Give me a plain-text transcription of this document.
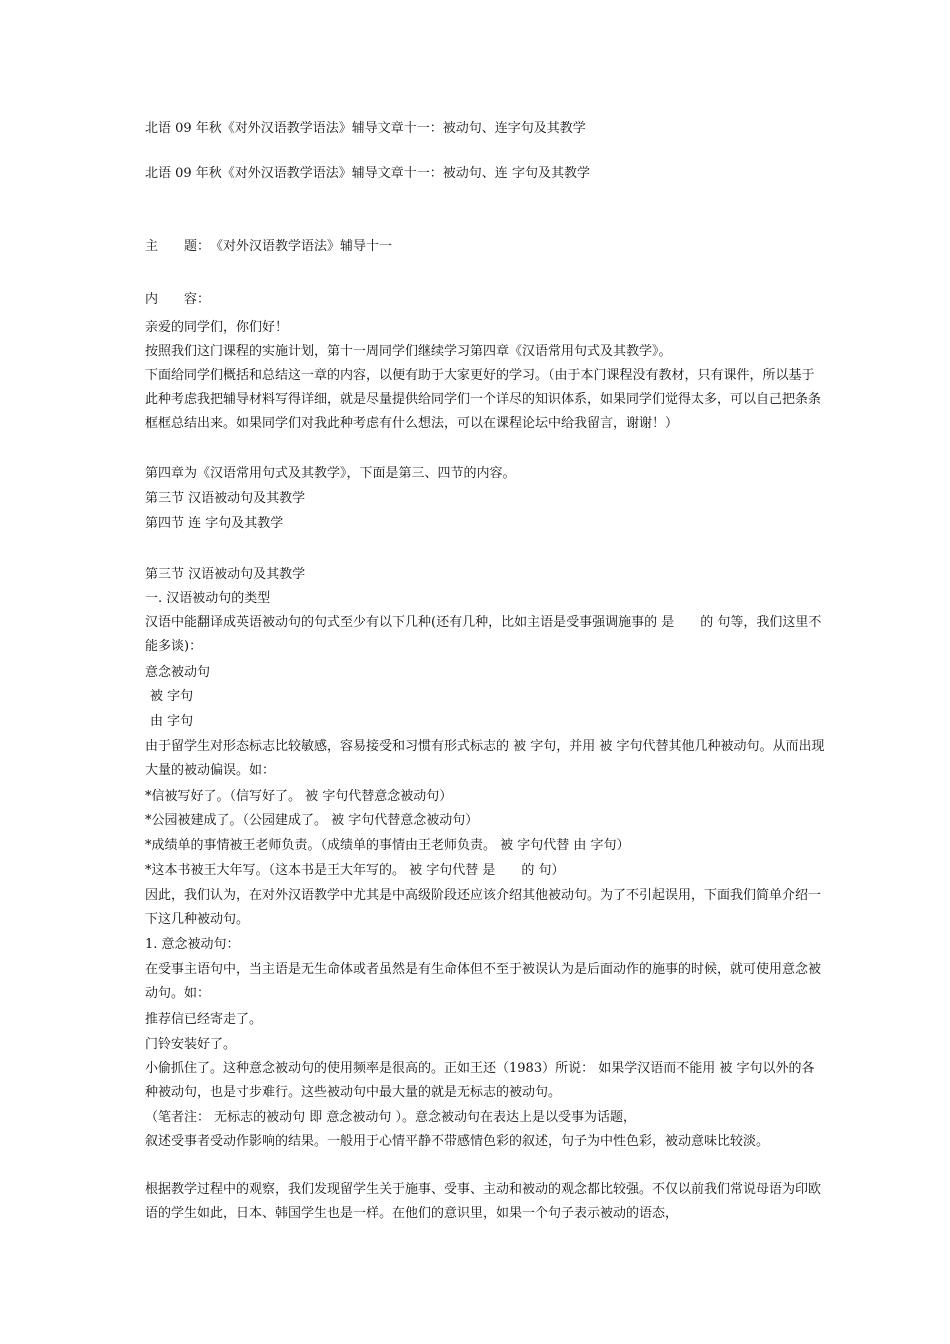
北语 09 年秋《对外汉语教学语法》辅导文章十一：被动句、连字句及其教学
北语 09 年秋《对外汉语教学语法》辅导文章十一：被动句、连 字句及其教学
主　　题：　《对外汉语教学语法》辅导十一
内　　容：
亲爱的同学们，你们好！
按照我们这门课程的实施计划，第十一周同学们继续学习第四章《汉语常用句式及其教学》。
下面给同学们概括和总结这一章的内容，以便有助于大家更好的学习。（由于本门课程没有教材，只有课件，所以基于此种考虑我把辅导材料写得详细，就是尽量提供给同学们一个详尽的知识体系，如果同学们觉得太多，可以自己把条条框框总结出来。如果同学们对我此种考虑有什么想法，可以在课程论坛中给我留言，谢谢！）
第四章为《汉语常用句式及其教学》，下面是第三、四节的内容。
第三节 汉语被动句及其教学
第四节 连 字句及其教学
第三节 汉语被动句及其教学
一. 汉语被动句的类型
汉语中能翻译成英语被动句的句式至少有以下几种(还有几种，比如主语是受事强调施事的 是　　的 句等，我们这里不能多谈)：
意念被动句
被 字句
由 字句
由于留学生对形态标志比较敏感，容易接受和习惯有形式标志的 被 字句，并用 被 字句代替其他几种被动句。从而出现大量的被动偏误。如：
*信被写好了。（信写好了。 被 字句代替意念被动句）
*公园被建成了。（公园建成了。 被 字句代替意念被动句）
*成绩单的事情被王老师负责。（成绩单的事情由王老师负责。 被 字句代替 由 字句）
*这本书被王大年写。（这本书是王大年写的。 被 字句代替 是　　的 句）
因此，我们认为，在对外汉语教学中尤其是中高级阶段还应该介绍其他被动句。为了不引起误用，下面我们简单介绍一下这几种被动句。
1. 意念被动句：
在受事主语句中，当主语是无生命体或者虽然是有生命体但不至于被误认为是后面动作的施事的时候，就可使用意念被动句。如：
推荐信已经寄走了。
门铃安装好了。
小偷抓住了。这种意念被动句的使用频率是很高的。正如王还（1983）所说： 如果学汉语而不能用 被 字句以外的各种被动句，也是寸步难行。这些被动句中最大量的就是无标志的被动句。
（笔者注： 无标志的被动句 即 意念被动句 ）。意念被动句在表达上是以受事为话题，
叙述受事者受动作影响的结果。一般用于心情平静不带感情色彩的叙述，句子为中性色彩，被动意味比较淡。
根据教学过程中的观察，我们发现留学生关于施事、受事、主动和被动的观念都比较强。不仅以前我们常说母语为印欧语的学生如此，日本、韩国学生也是一样。在他们的意识里，如果一个句子表示被动的语态，
